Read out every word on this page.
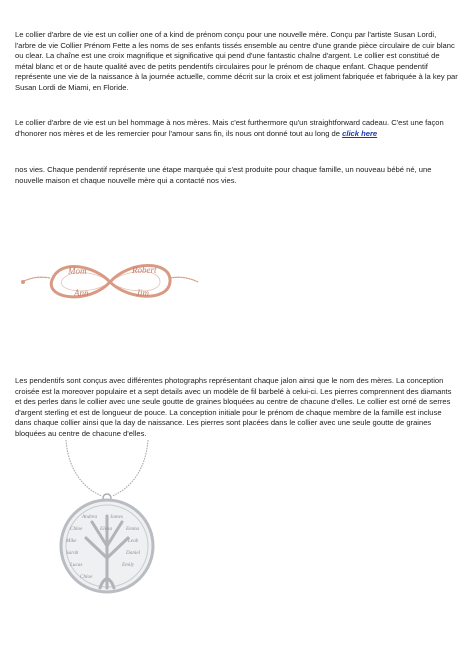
Le collier d'arbre de vie est un collier one of a kind de prénom conçu pour une nouvelle mère. Conçu par l'artiste Susan Lordi, l'arbre de vie Collier Prénom Fette a les noms de ses enfants tissés ensemble au centre d'une grande pièce circulaire de cuir blanc ou clear. La chaîne est une croix magnifique et significative qui pend d'une fantastic chaîne d'argent. Le collier est constitué de métal blanc et or de haute qualité avec de petits pendentifs circulaires pour le prénom de chaque enfant. Chaque pendentif représente une vie de la naissance à la journée actuelle, comme décrit sur la croix et est joliment fabriquée et fabriquée à la key par Susan Lordi de Miami, en Floride.

Le collier d'arbre de vie est un bel hommage à nos mères. Mais c'est furthermore qu'un straightforward cadeau. C'est une façon d'honorer nos mères et de les remercier pour l'amour sans fin, ils nous ont donné tout au long de click here

nos vies. Chaque pendentif représente une étape marquée qui s'est produite pour chaque famille, un nouveau bébé né, une nouvelle maison et chaque nouvelle mère qui a contacté nos vies.

Mom	Robert
Ann	Jim

Les pendentifs sont conçus avec différentes photographs représentant chaque jalon ainsi que le nom des mères. La conception croisée est la moreover populaire et a sept details avec un modèle de fil barbelé à celui-ci. Les pierres comprennent des diamants et des perles dans le collier avec une seule goutte de graines bloquées au centre de chacune d'elles. Le collier est orné de serres d'argent sterling et est de longueur de pouce. La conception initiale pour le prénom de chaque membre de la famille est incluse dans chaque collier ainsi que la day de naissance. Les pierres sont placées dans le collier avec une seule goutte de graines bloquées au centre de chacune d'elles.

Andrea James
Chloe	Elena	Emma
Mike	Leah
Sarah	Daniel
Lucas	Emily
Chloe
